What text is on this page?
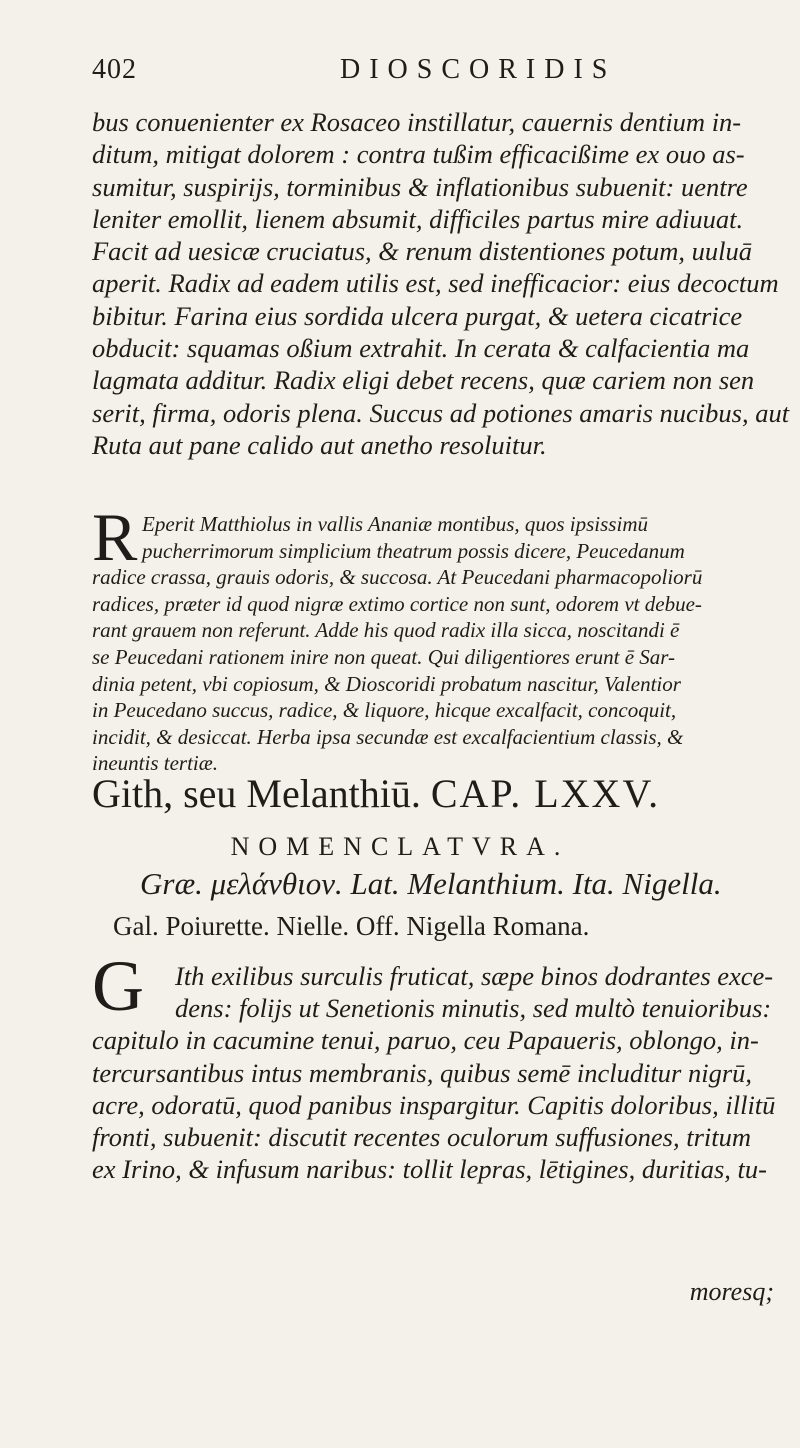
402	DIOSCORIDIS
bus conuenienter ex Rosaceo instillatur, cauernis dentium in-
ditum, mitigat dolorem : contra tußim efficacißime ex ouo as-
sumitur, suspirijs, torminibus & inflationibus subuenit: uentre
leniter emollit, lienem absumit, difficiles partus mire adiuuat.
Facit ad uesicæ cruciatus, & renum distentiones potum, uuluā
aperit. Radix ad eadem utilis est, sed inefficacior: eius decoctum
bibitur. Farina eius sordida ulcera purgat, & uetera cicatrice
obducit: squamas oßium extrahit. In cerata & calfacientia ma
lagmata additur. Radix eligi debet recens, quæ cariem non sen
serit, firma, odoris plena. Succus ad potiones amaris nucibus, aut
Ruta aut pane calido aut anetho resoluitur.
R Eperit Matthiolus in vallis Ananiæ montibus, quos ipsissimū
pucherrimorum simplicium theatrum possis dicere, Peucedanum
radice crassa, grauis odoris, & succosa. At Peucedani pharmacopoliorū
radices, præter id quod nigræ extimo cortice non sunt, odorem vt debue-
rant grauem non referunt. Adde his quod radix illa sicca, noscitandi ē
se Peucedani rationem inire non queat. Qui diligentiores erunt ē Sar-
dinia petent, vbi copiosum, & Dioscoridi probatum nascitur, Valentior
in Peucedano succus, radice, & liquore, hicque excalfacit, concoquit,
incidit, & desiccat. Herba ipsa secundæ est excalfacientium classis, &
ineuntis tertiæ.
Gith, seu Melanthiū. CAP. LXXV.
NOMENCLATVRA.
Græ. μελάνθιον. Lat. Melanthium. Ita. Nigella.
Gal. Poiurette. Nielle. Off. Nigella Romana.
G	Ith exilibus surculis fruticat, sæpe binos dodrantes exce-
dens: folijs ut Senetionis minutis, sed multò tenuioribus:
capitulo in cacumine tenui, paruo, ceu Papaueris, oblongo, in-
tercursantibus intus membranis, quibus semē includitur nigrū,
acre, odoratū, quod panibus inspargitur. Capitis doloribus, illitū
fronti, subuenit: discutit recentes oculorum suffusiones, tritum
ex Irino, & infusum naribus: tollit lepras, lētigines, duritias, tu-
moresq;
